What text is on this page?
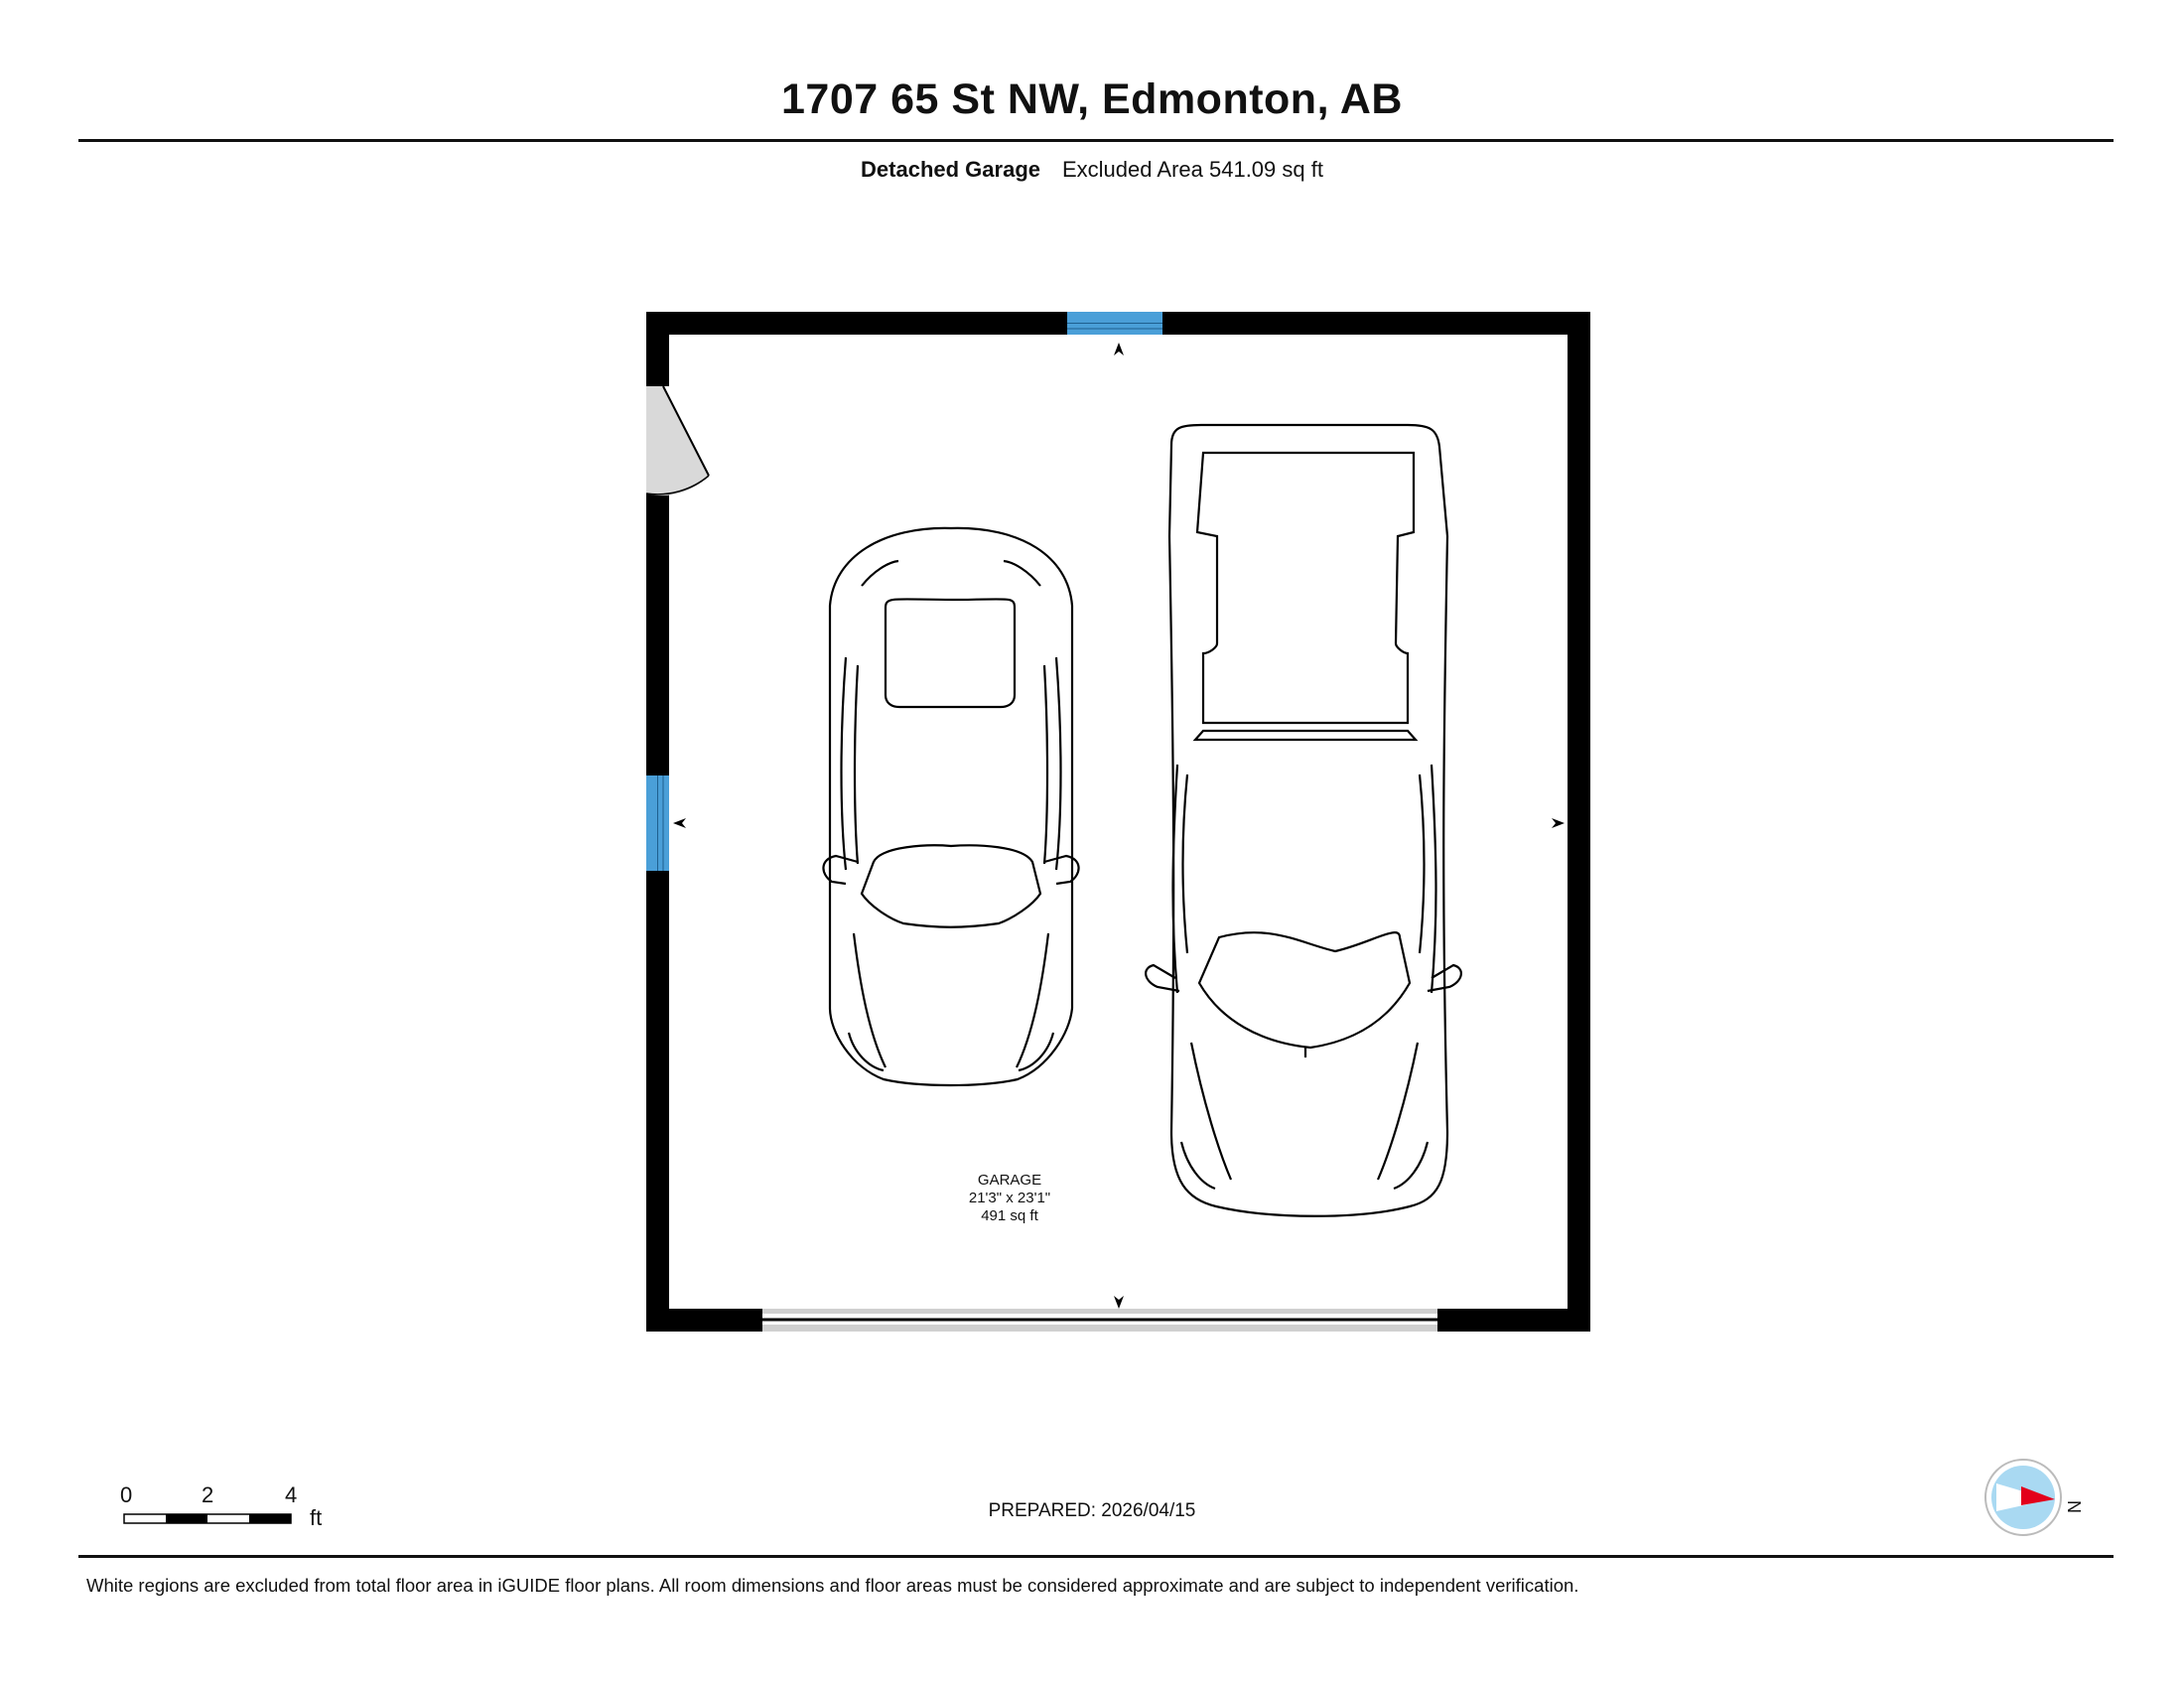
1707 65 St NW, Edmonton, AB
Detached Garage Excluded Area 541.09 sq ft
GARAGE
21'3" x 23'1"
491 sq ft
0	2	4
ft	PREPARED: 2026/04/15	N
White regions are excluded from total floor area in iGUIDE floor plans. All room dimensions and floor areas must be considered approximate and are subject to independent verification.
